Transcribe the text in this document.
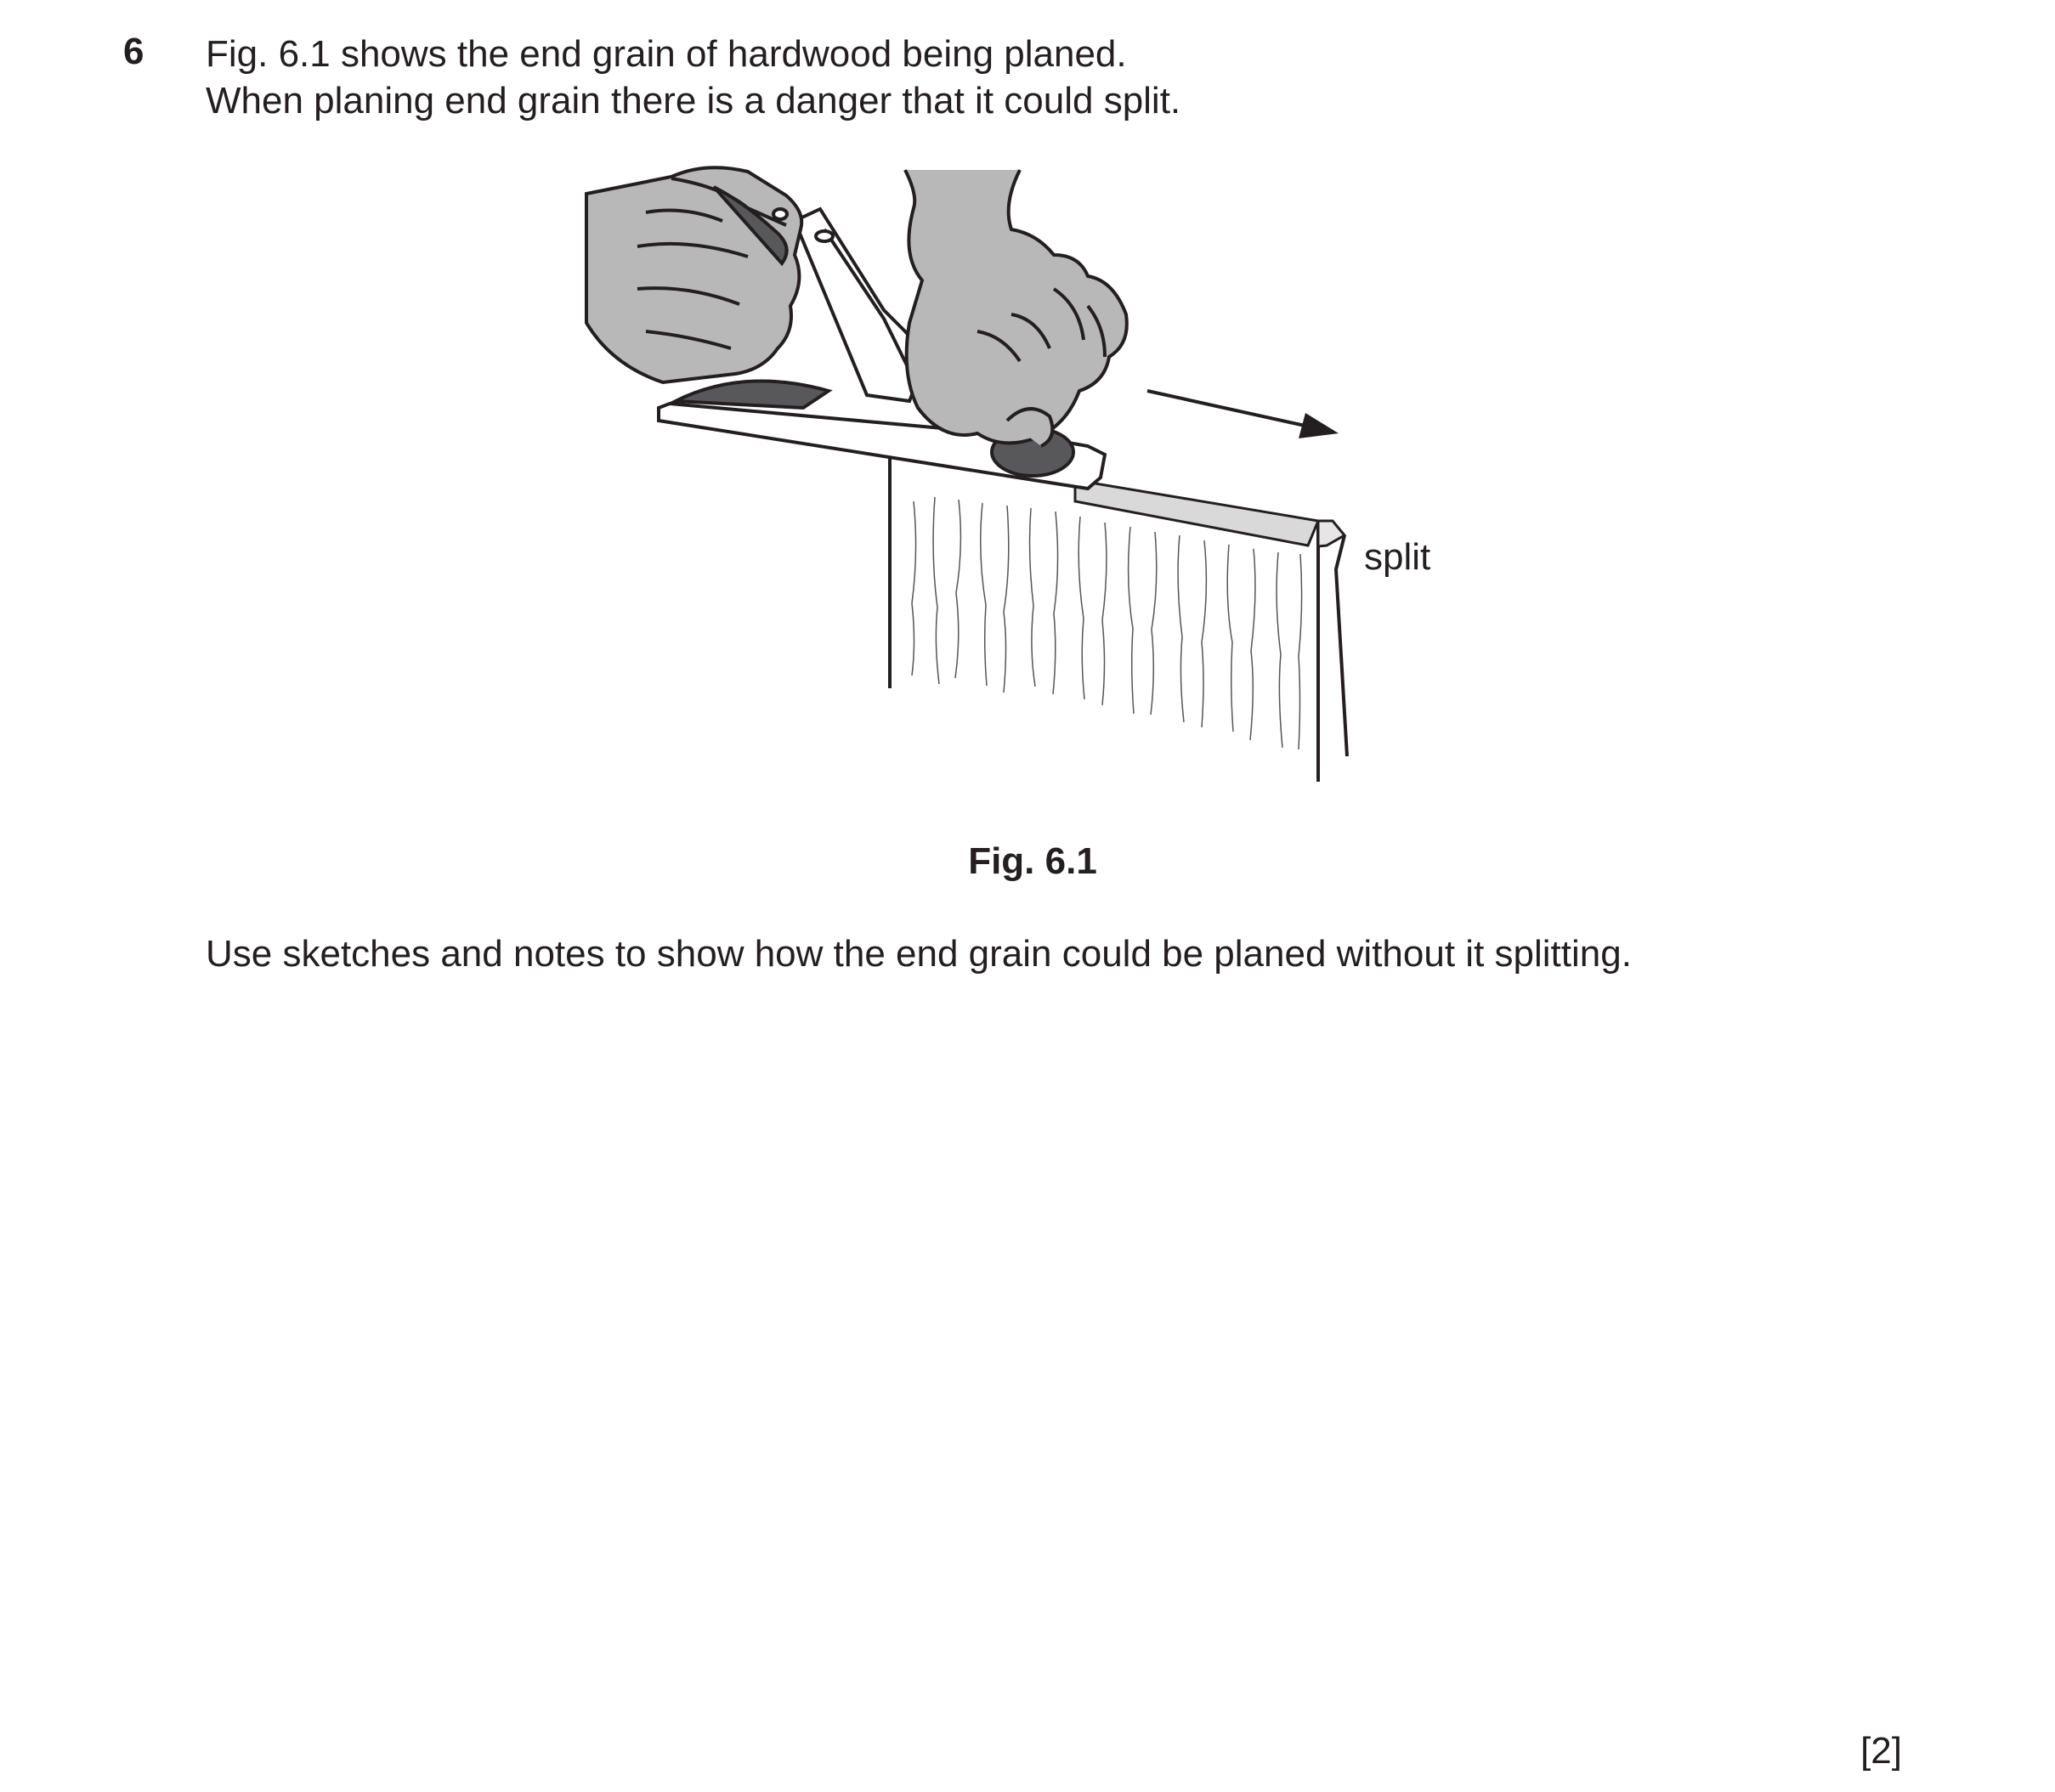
6 Fig. 6.1 shows the end grain of hardwood being planed.
When planing end grain there is a danger that it could split.
split
Fig. 6.1
Use sketches and notes to show how the end grain could be planed without it splitting.
[2]
